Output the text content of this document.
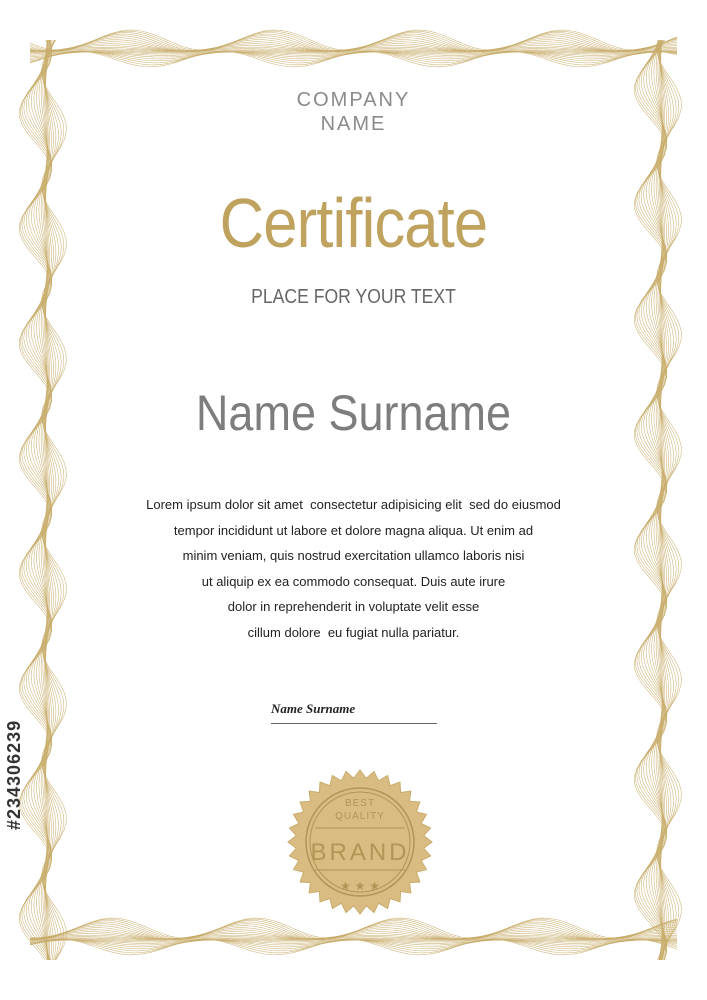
COMPANY
NAME
Certificate
PLACE FOR YOUR TEXT
Name Surname
Lorem ipsum dolor sit amet  consectetur adipisicing elit  sed do eiusmod
tempor incididunt ut labore et dolore magna aliqua. Ut enim ad
minim veniam, quis nostrud exercitation ullamco laboris nisi
ut aliquip ex ea commodo consequat. Duis aute irure
dolor in reprehenderit in voluptate velit esse
cillum dolore  eu fugiat nulla pariatur.
Name Surname
BEST
QUALITY
BRAND
★ ★ ★
#234306239
